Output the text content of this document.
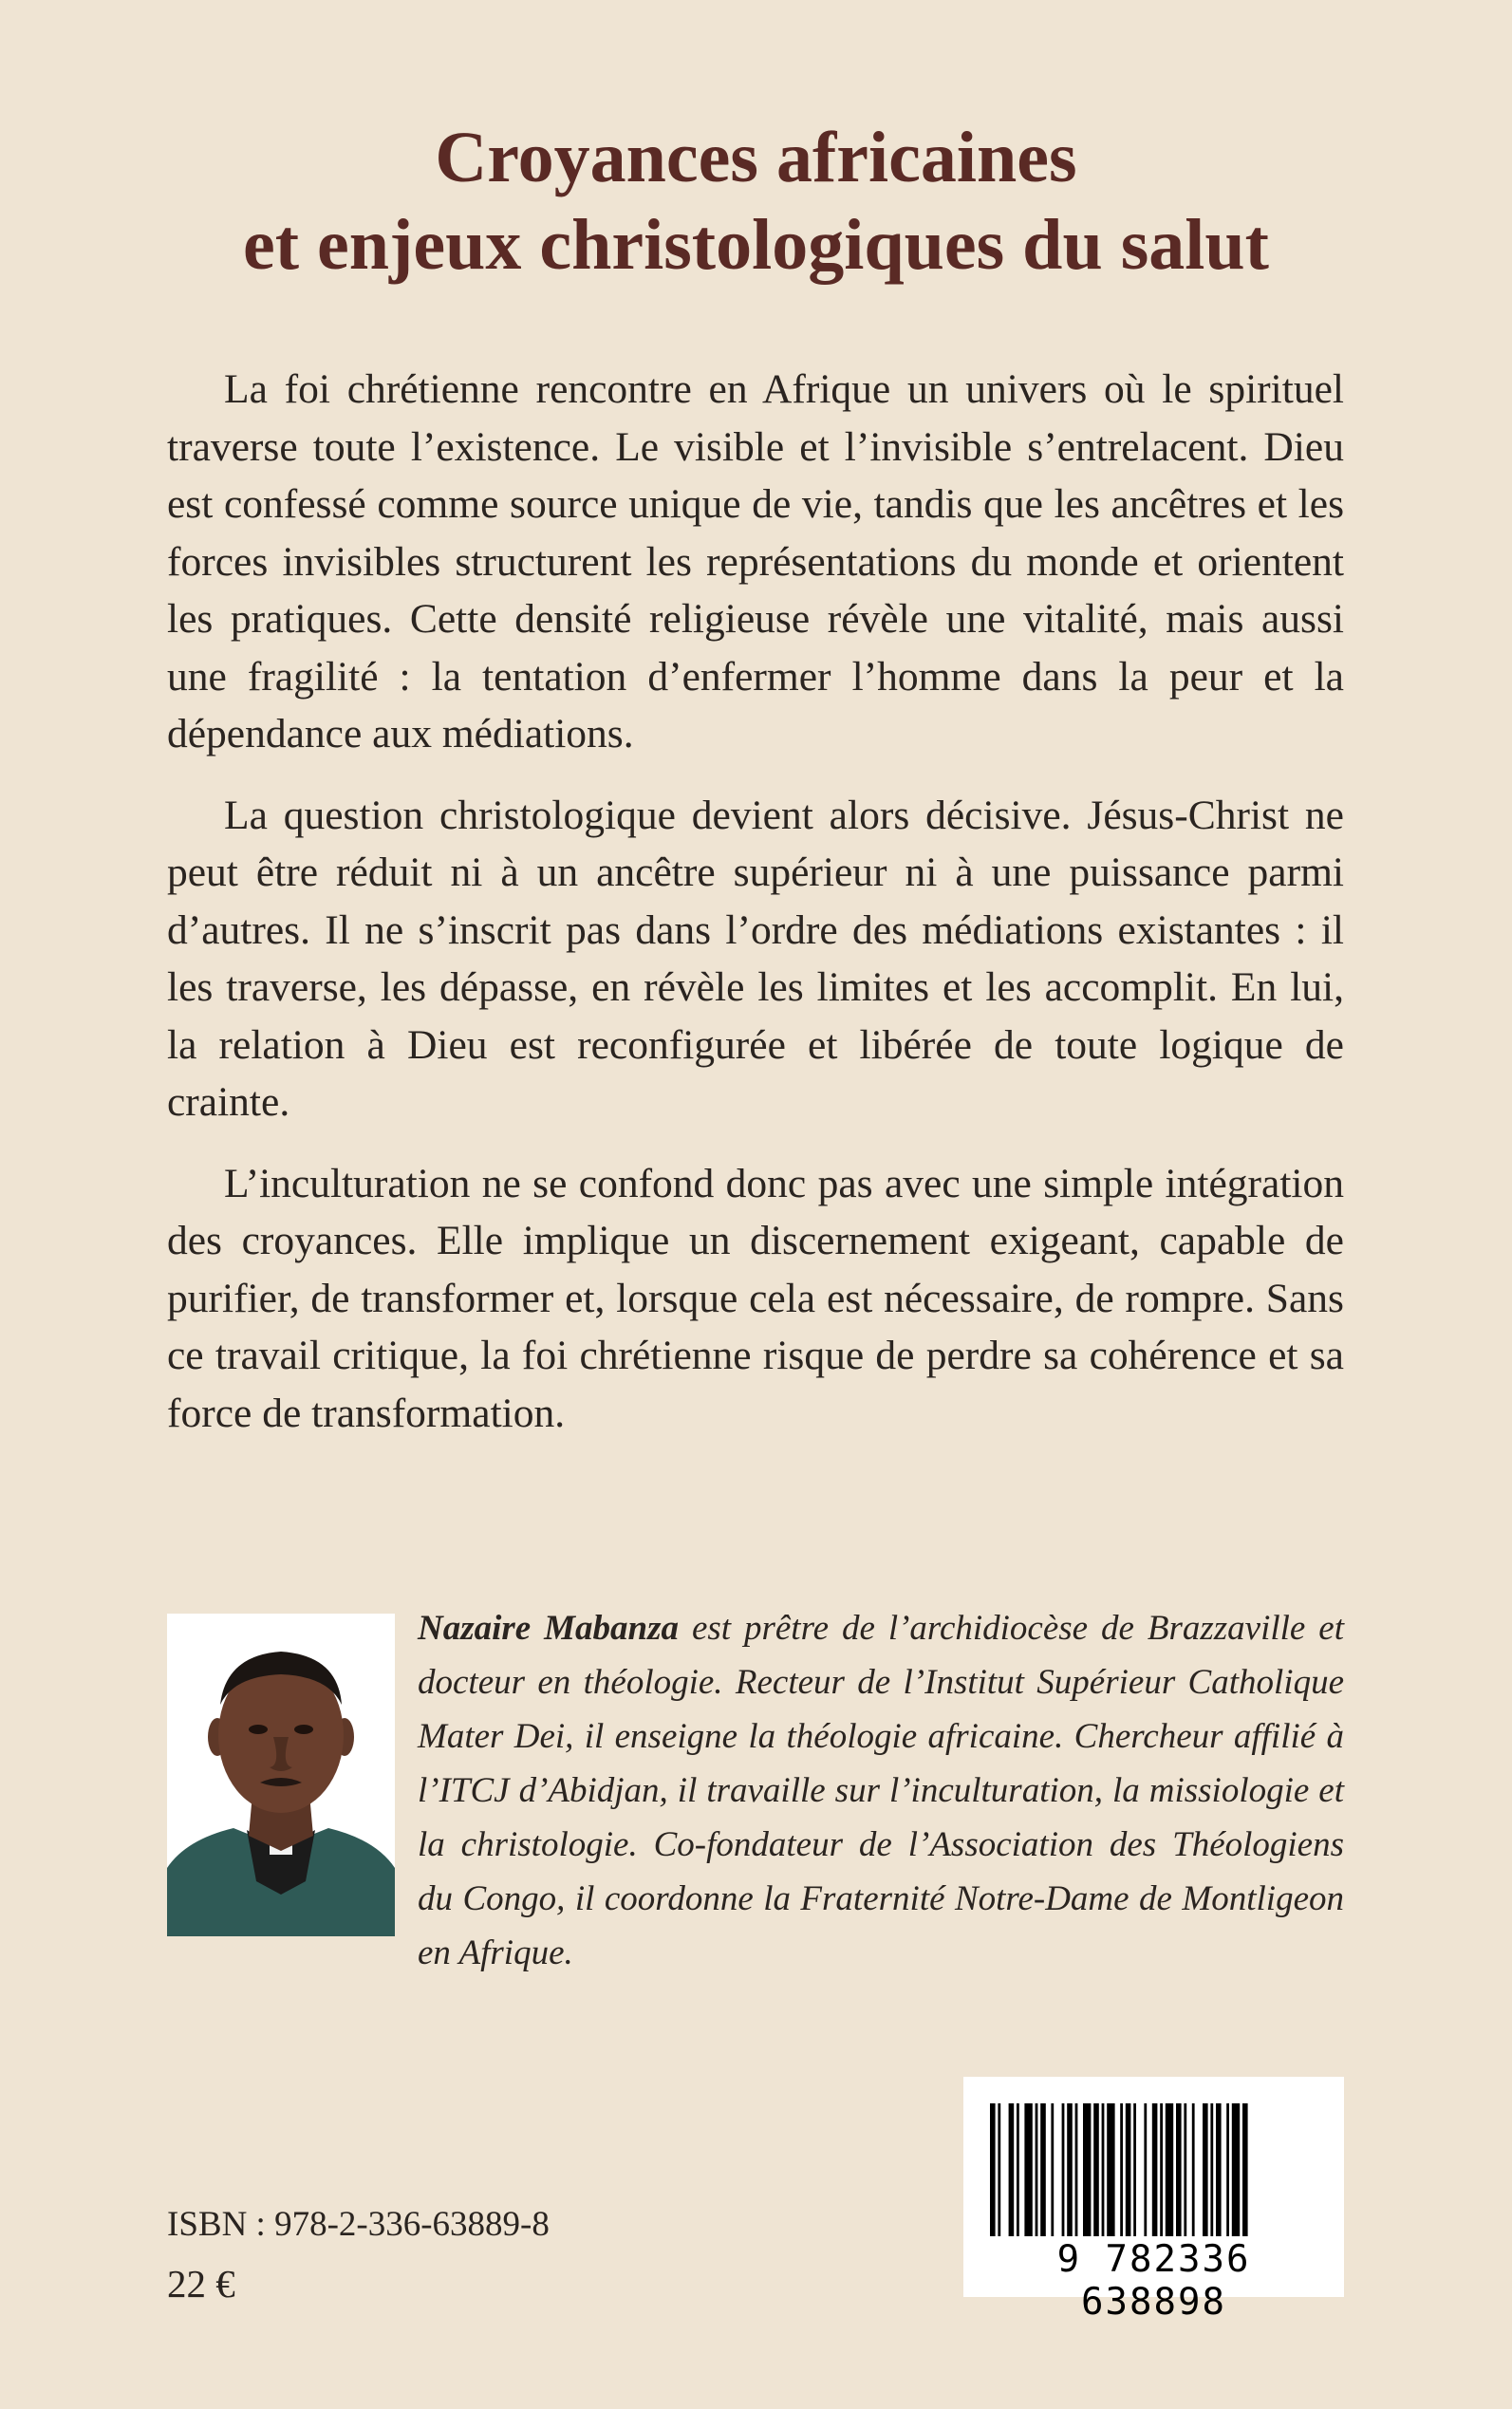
Croyances africaines
et enjeux christologiques du salut

La foi chrétienne rencontre en Afrique un univers où le spirituel traverse toute l’existence. Le visible et l’invisible s’entrelacent. Dieu est confessé comme source unique de vie, tandis que les ancêtres et les forces invisibles structurent les représentations du monde et orientent les pratiques. Cette densité religieuse révèle une vitalité, mais aussi une fragilité : la tentation d’enfermer l’homme dans la peur et la dépendance aux médiations.

La question christologique devient alors décisive. Jésus-Christ ne peut être réduit ni à un ancêtre supérieur ni à une puissance parmi d’autres. Il ne s’inscrit pas dans l’ordre des médiations existantes : il les traverse, les dépasse, en révèle les limites et les accomplit. En lui, la relation à Dieu est reconfigurée et libérée de toute logique de crainte.

L’inculturation ne se confond donc pas avec une simple intégration des croyances. Elle implique un discernement exigeant, capable de purifier, de transformer et, lorsque cela est nécessaire, de rompre. Sans ce travail critique, la foi chrétienne risque de perdre sa cohérence et sa force de transformation.

Nazaire Mabanza est prêtre de l’archidiocèse de Brazzaville et docteur en théologie. Recteur de l’Institut Supérieur Catholique Mater Dei, il enseigne la théologie africaine. Chercheur affilié à l’ITCJ d’Abidjan, il travaille sur l’inculturation, la missiologie et la christologie. Co-fondateur de l’Association des Théologiens du Congo, il coordonne la Fraternité Notre-Dame de Montligeon en Afrique.
9 782336 638898
ISBN : 978-2-336-63889-8
22 €
